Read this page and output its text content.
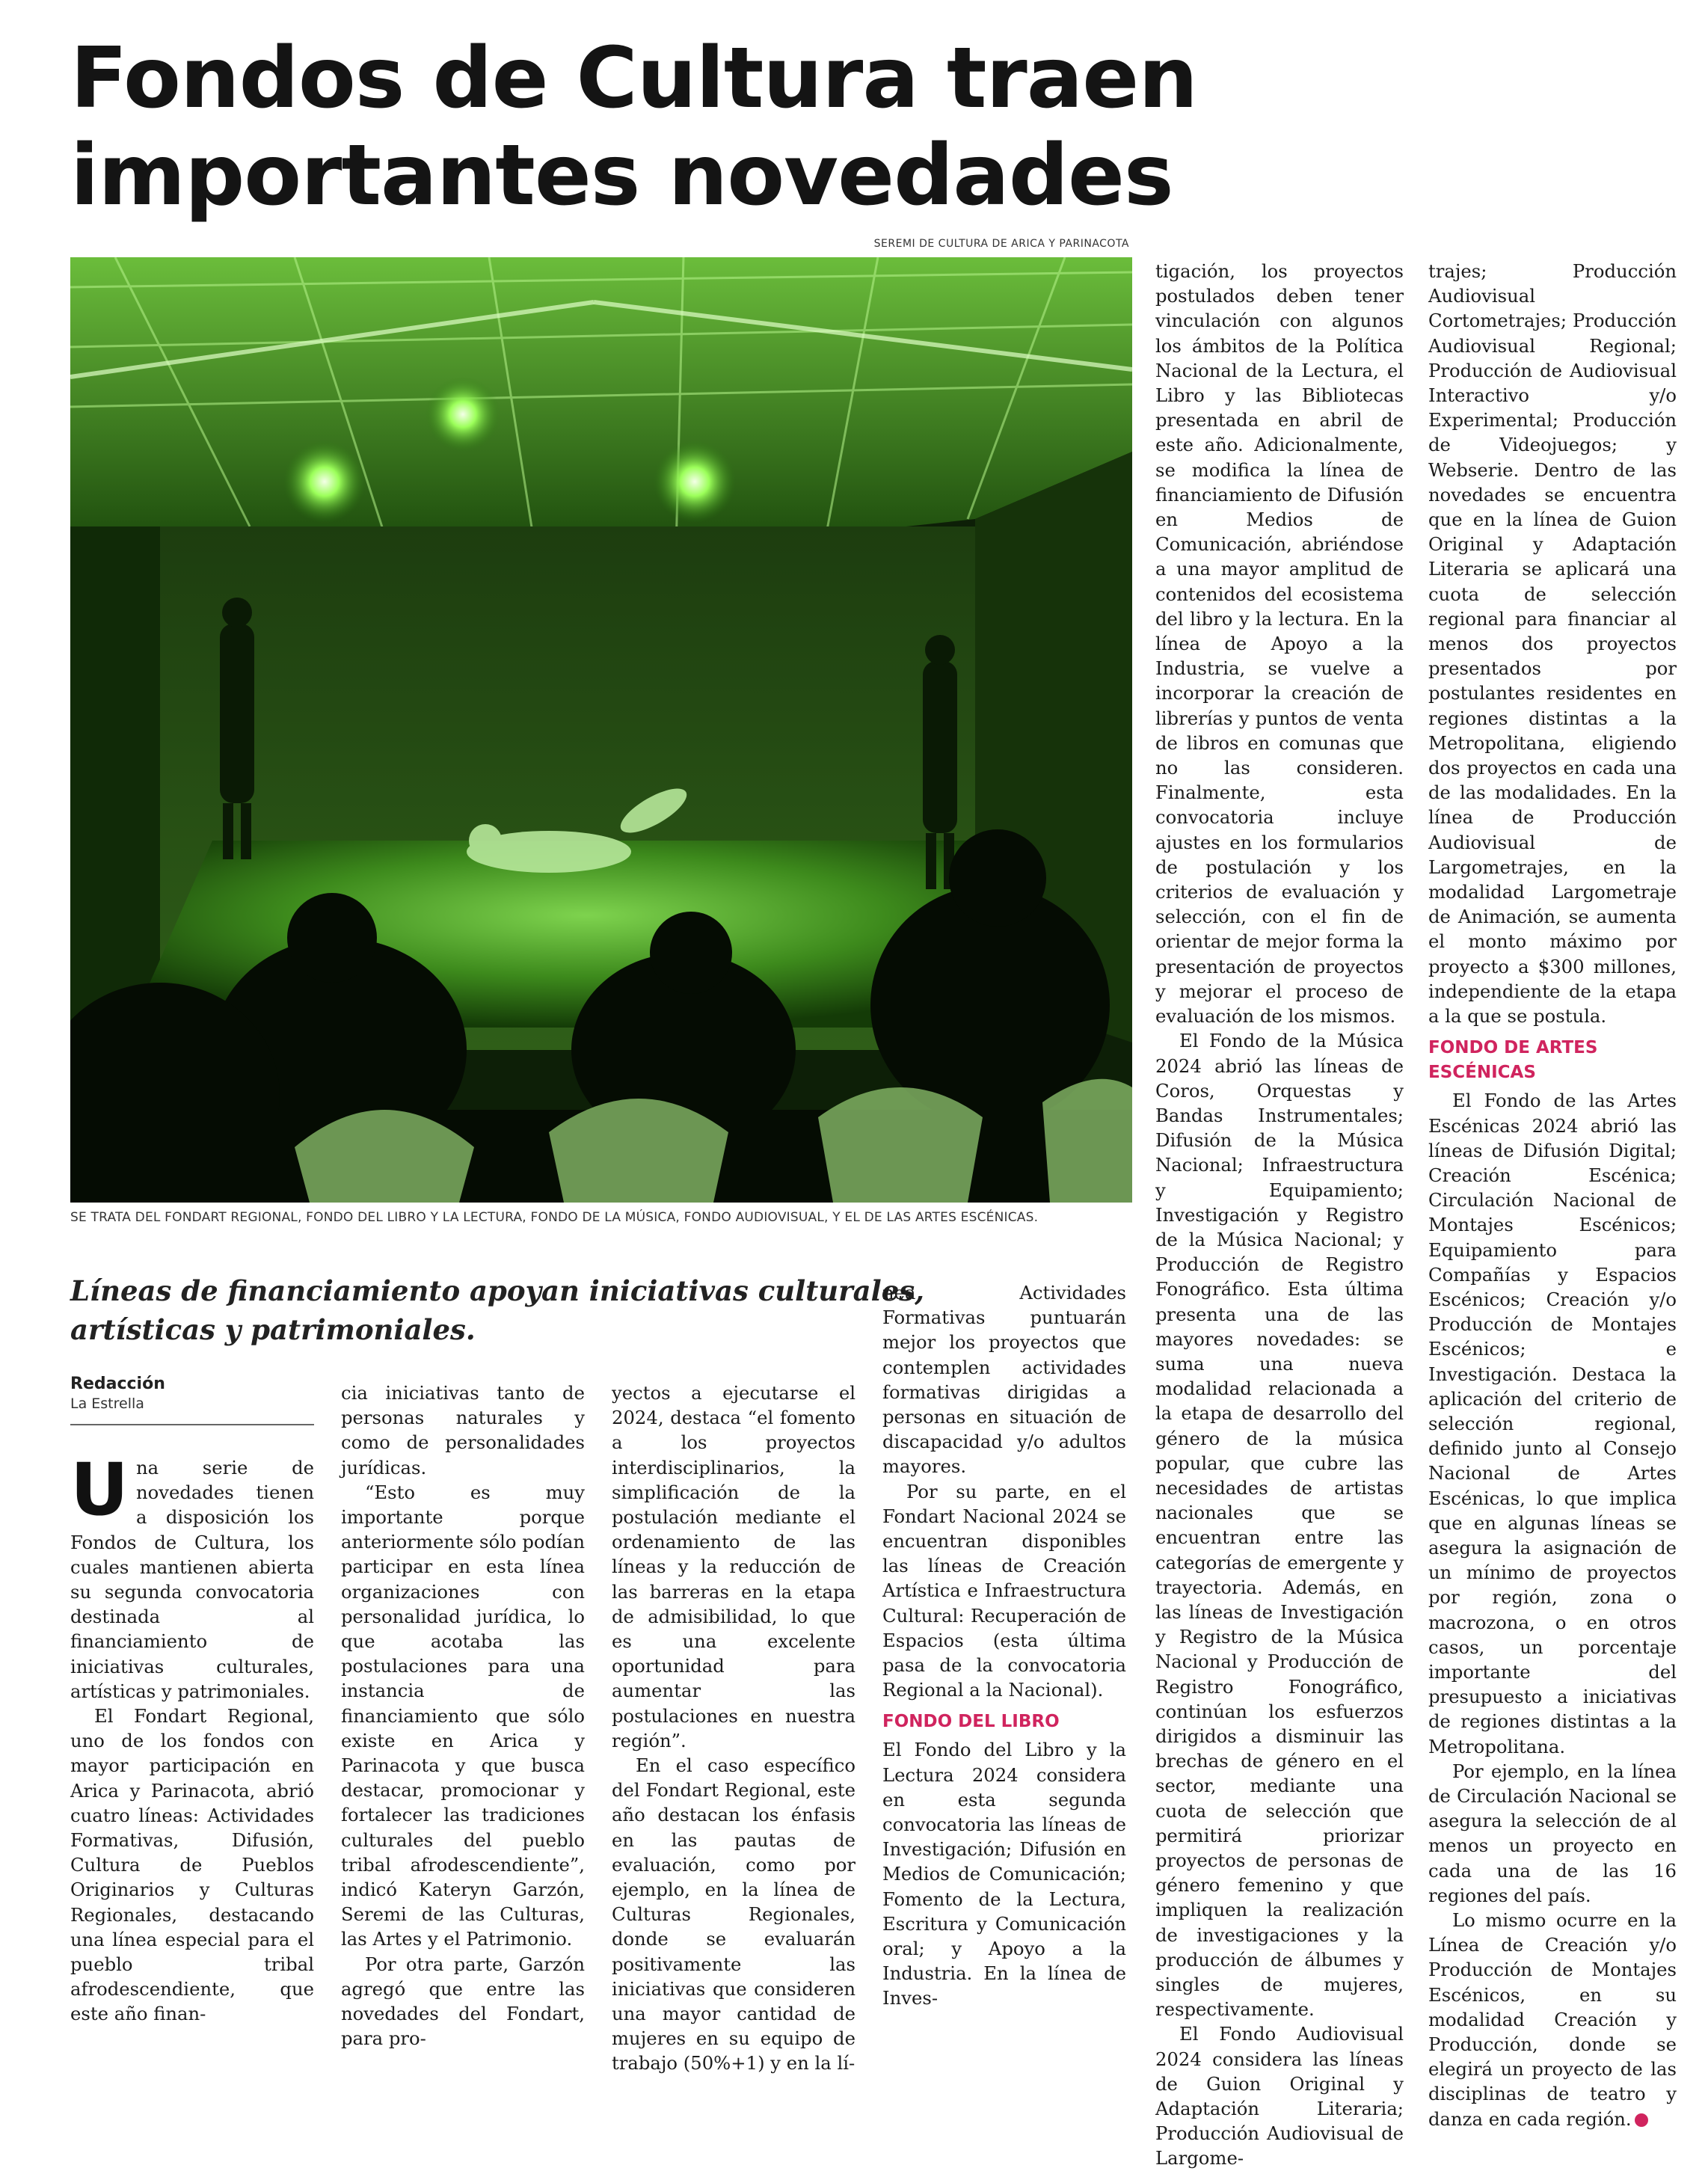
Fondos de Cultura traen
importantes novedades
SEREMI DE CULTURA DE ARICA Y PARINACOTA
SE TRATA DEL FONDART REGIONAL, FONDO DEL LIBRO Y LA LECTURA, FONDO DE LA MÚSICA, FONDO AUDIOVISUAL, Y EL DE LAS ARTES ESCÉNICAS.
Líneas de financiamiento apoyan iniciativas culturales,
artísticas y patrimoniales.
Redacción
La Estrella

Una serie de novedades tienen a disposición los Fondos de Cultura, los cuales mantienen abierta su segunda convocatoria destinada al financiamiento de iniciativas culturales, artísticas y patrimoniales.

El Fondart Regional, uno de los fondos con mayor participación en Arica y Parinacota, abrió cuatro líneas: Actividades Formativas, Difusión, Cultura de Pueblos Originarios y Culturas Regionales, destacando una línea especial para el pueblo tribal afrodescendiente, que este año finan-

cia iniciativas tanto de personas naturales y como de personalidades jurídicas.

“Esto es muy importante porque anteriormente sólo podían participar en esta línea organizaciones con personalidad jurídica, lo que acotaba las postulaciones para una instancia de financiamiento que sólo existe en Arica y Parinacota y que busca destacar, promocionar y fortalecer las tradiciones culturales del pueblo tribal afrodescendiente”, indicó Kateryn Garzón, Seremi de las Culturas, las Artes y el Patrimonio.

Por otra parte, Garzón agregó que entre las novedades del Fondart, para pro-

yectos a ejecutarse el 2024, destaca “el fomento a los proyectos interdisciplinarios, la simplificación de la postulación mediante el ordenamiento de las líneas y la reducción de las barreras en la etapa de admisibilidad, lo que es una excelente oportunidad para aumentar las postulaciones en nuestra región”.

En el caso específico del Fondart Regional, este año destacan los énfasis en las pautas de evaluación, como por ejemplo, en la línea de Culturas Regionales, donde se evaluarán positivamente las iniciativas que consideren una mayor cantidad de mujeres en su equipo de trabajo (50%+1) y en la lí-

nea Actividades Formativas puntuarán mejor los proyectos que contemplen actividades formativas dirigidas a personas en situación de discapacidad y/o adultos mayores.

Por su parte, en el Fondart Nacional 2024 se encuentran disponibles las líneas de Creación Artística e Infraestructura Cultural: Recuperación de Espacios (esta última pasa de la convocatoria Regional a la Nacional).

FONDO DEL LIBRO

El Fondo del Libro y la Lectura 2024 considera en esta segunda convocatoria las líneas de Investigación; Difusión en Medios de Comunicación; Fomento de la Lectura, Escritura y Comunicación oral; y Apoyo a la Industria. En la línea de Inves-

tigación, los proyectos postulados deben tener vinculación con algunos los ámbitos de la Política Nacional de la Lectura, el Libro y las Bibliotecas presentada en abril de este año. Adicionalmente, se modifica la línea de financiamiento de Difusión en Medios de Comunicación, abriéndose a una mayor amplitud de contenidos del ecosistema del libro y la lectura. En la línea de Apoyo a la Industria, se vuelve a incorporar la creación de librerías y puntos de venta de libros en comunas que no las consideren. Finalmente, esta convocatoria incluye ajustes en los formularios de postulación y los criterios de evaluación y selección, con el fin de orientar de mejor forma la presentación de proyectos y mejorar el proceso de evaluación de los mismos.

El Fondo de la Música 2024 abrió las líneas de Coros, Orquestas y Bandas Instrumentales; Difusión de la Música Nacional; Infraestructura y Equipamiento; Investigación y Registro de la Música Nacional; y Producción de Registro Fonográfico. Esta última presenta una de las mayores novedades: se suma una nueva modalidad relacionada a la etapa de desarrollo del género de la música popular, que cubre las necesidades de artistas nacionales que se encuentran entre las categorías de emergente y trayectoria. Además, en las líneas de Investigación y Registro de la Música Nacional y Producción de Registro Fonográfico, continúan los esfuerzos dirigidos a disminuir las brechas de género en el sector, mediante una cuota de selección que permitirá priorizar proyectos de personas de género femenino y que impliquen la realización de investigaciones y la producción de álbumes y singles de mujeres, respectivamente.

El Fondo Audiovisual 2024 considera las líneas de Guion Original y Adaptación Literaria; Producción Audiovisual de Largome-

trajes; Producción Audiovisual Cortometrajes; Producción Audiovisual Regional; Producción de Audiovisual Interactivo y/o Experimental; Producción de Videojuegos; y Webserie. Dentro de las novedades se encuentra que en la línea de Guion Original y Adaptación Literaria se aplicará una cuota de selección regional para financiar al menos dos proyectos presentados por postulantes residentes en regiones distintas a la Metropolitana, eligiendo dos proyectos en cada una de las modalidades. En la línea de Producción Audiovisual de Largometrajes, en la modalidad Largometraje de Animación, se aumenta el monto máximo por proyecto a $300 millones, independiente de la etapa a la que se postula.

FONDO DE ARTES ESCÉNICAS

El Fondo de las Artes Escénicas 2024 abrió las líneas de Difusión Digital; Creación Escénica; Circulación Nacional de Montajes Escénicos; Equipamiento para Compañías y Espacios Escénicos; Creación y/o Producción de Montajes Escénicos; e Investigación. Destaca la aplicación del criterio de selección regional, definido junto al Consejo Nacional de Artes Escénicas, lo que implica que en algunas líneas se asegura la asignación de un mínimo de proyectos por región, zona o macrozona, o en otros casos, un porcentaje importante del presupuesto a iniciativas de regiones distintas a la Metropolitana.

Por ejemplo, en la línea de Circulación Nacional se asegura la selección de al menos un proyecto en cada una de las 16 regiones del país.

Lo mismo ocurre en la Línea de Creación y/o Producción de Montajes Escénicos, en su modalidad Creación y Producción, donde se elegirá un proyecto de las disciplinas de teatro y danza en cada región.
